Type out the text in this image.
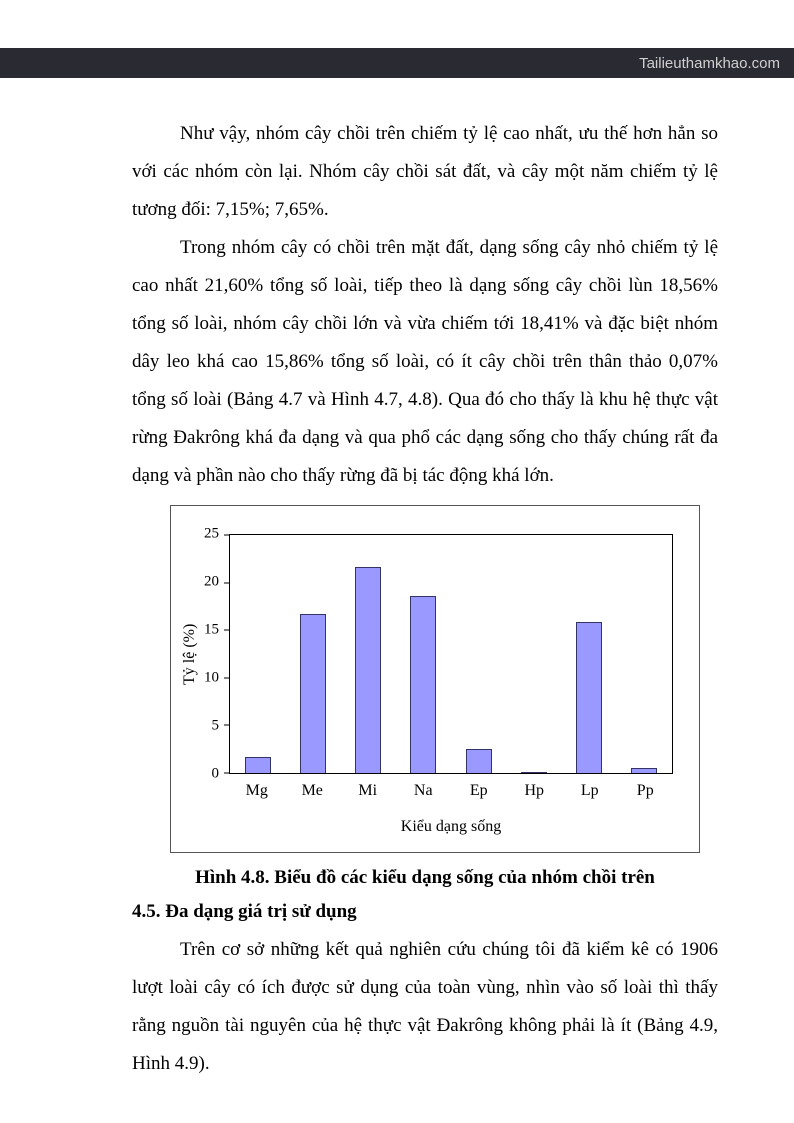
Tailieuthamkhao.com

Như vậy, nhóm cây chồi trên chiếm tỷ lệ cao nhất, ưu thế hơn hẳn so với các nhóm còn lại. Nhóm cây chồi sát đất, và cây một năm chiếm tỷ lệ tương đối: 7,15%; 7,65%.

Trong nhóm cây có chồi trên mặt đất, dạng sống cây nhỏ chiếm tỷ lệ cao nhất 21,60% tổng số loài, tiếp theo là dạng sống cây chồi lùn 18,56% tổng số loài, nhóm cây chồi lớn và vừa chiếm tới 18,41% và đặc biệt nhóm dây leo khá cao 15,86% tổng số loài, có ít cây chồi trên thân thảo 0,07% tổng số loài (Bảng 4.7 và Hình 4.7, 4.8). Qua đó cho thấy là khu hệ thực vật rừng Đakrông khá đa dạng và qua phổ các dạng sống cho thấy chúng rất đa dạng và phần nào cho thấy rừng đã bị tác động khá lớn.

Tỷ lệ (%)
0
5
10
15
20
25
Mg	Me	Mi	Na	Ep	Hp	Lp	Pp
Kiểu dạng sống
Hình 4.8. Biểu đồ các kiểu dạng sống của nhóm chồi trên
4.5. Đa dạng giá trị sử dụng

Trên cơ sở những kết quả nghiên cứu chúng tôi đã kiểm kê có 1906 lượt loài cây có ích được sử dụng của toàn vùng, nhìn vào số loài thì thấy rằng nguồn tài nguyên của hệ thực vật Đakrông không phải là ít (Bảng 4.9, Hình 4.9).
